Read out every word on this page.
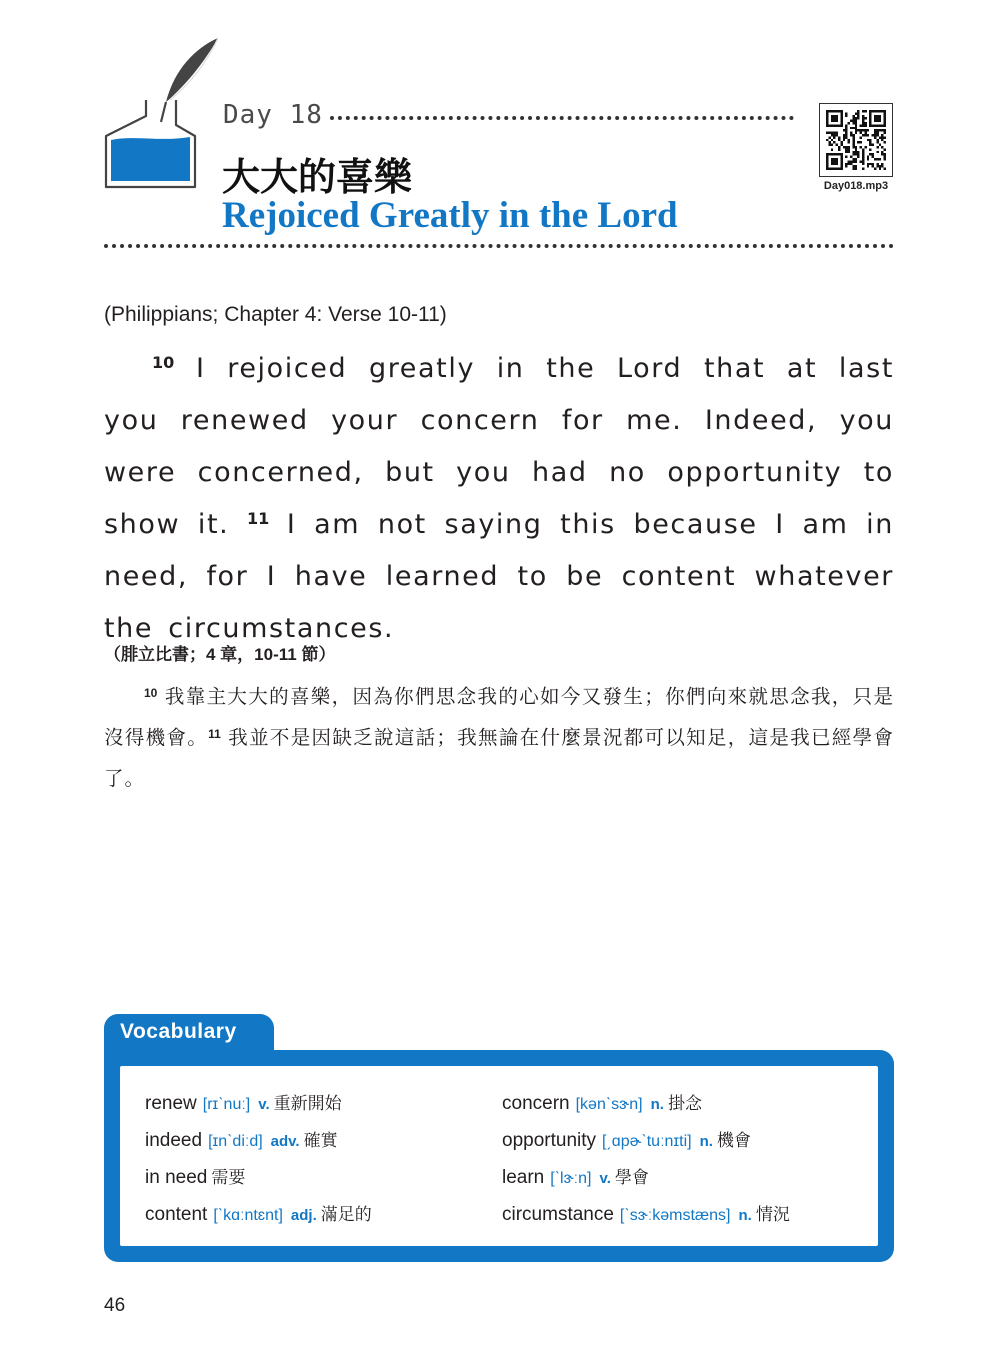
Day 18
大大的喜樂
Rejoiced Greatly in the Lord
Day018.mp3
(Philippians; Chapter 4: Verse 10-11)
$^{10}$ I rejoiced greatly in the Lord that at last you renewed your concern for me. Indeed, you were concerned, but you had no opportunity to show it. $^{11}$ I am not saying this because I am in need, for I have learned to be content whatever the circumstances.
（腓立比書；4 章，10-11 節）
$^{10}$ 我靠主大大的喜樂，因為你們思念我的心如今又發生；你們向來就思念我，只是沒得機會。$^{11}$ 我並不是因缺乏說這話；我無論在什麼景況都可以知足，這是我已經學會了。
Vocabulary
renew [rɪˋnuː] v. 重新開始	concern [kənˋsɝn] n. 掛念
indeed [ɪnˋdiːd] adv. 確實	opportunity [͵ɑpɚˋtuːnɪti] n. 機會
in need 需要	learn [ˋlɝːn] v. 學會
content [ˋkɑːntɛnt] adj. 滿足的	circumstance [ˋsɝːkəmstæns] n. 情況
46
